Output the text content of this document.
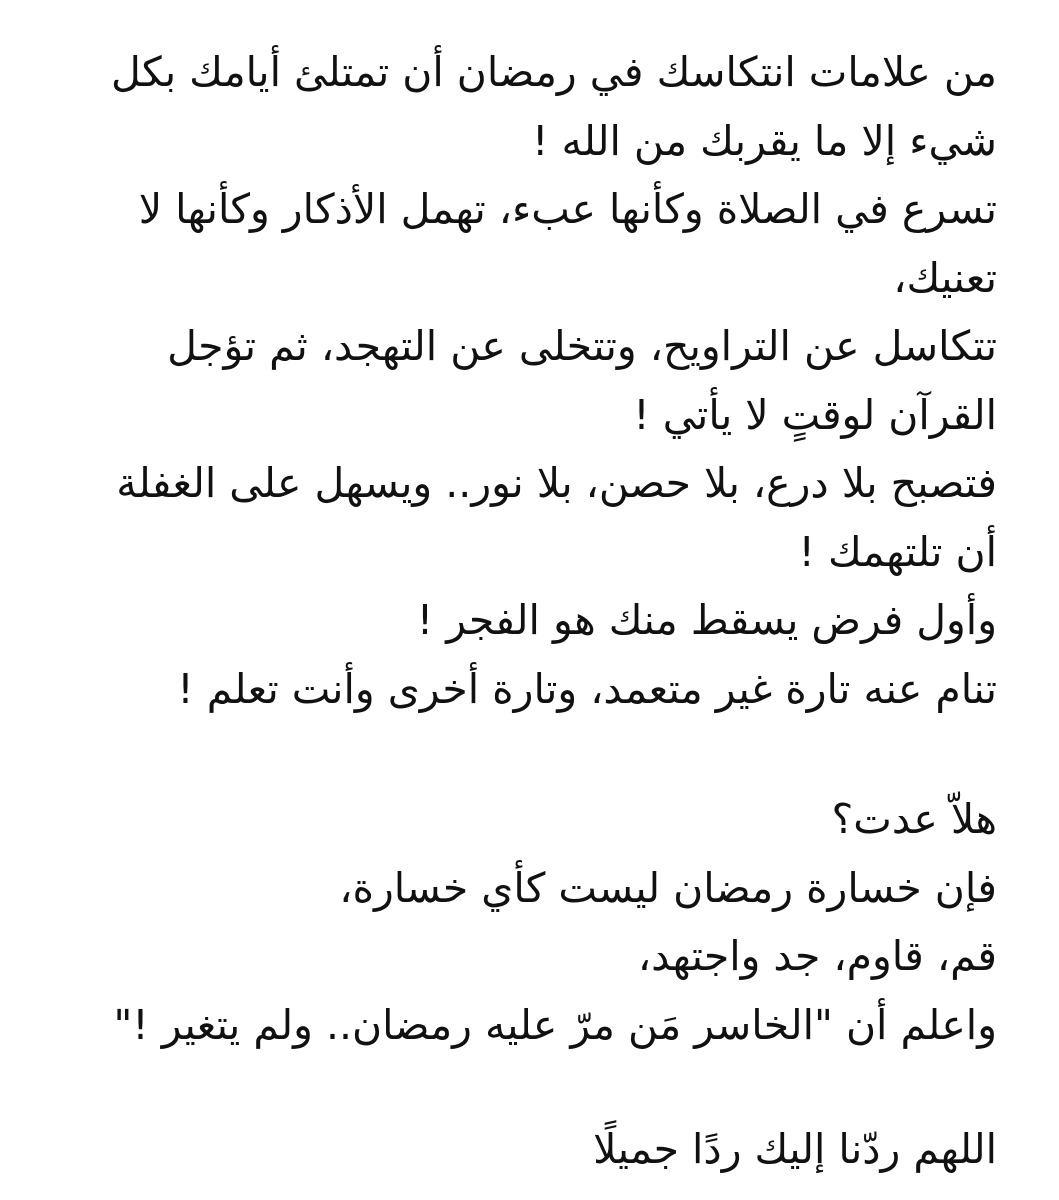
من علامات انتكاسك في رمضان أن تمتلئ أيامك بكل
شيء إلا ما يقربك من الله !
تسرع في الصلاة وكأنها عبء، تهمل الأذكار وكأنها لا
تعنيك،
تتكاسل عن التراويح، وتتخلى عن التهجد، ثم تؤجل
القرآن لوقتٍ لا يأتي !
فتصبح بلا درع، بلا حصن، بلا نور.. ويسهل على الغفلة
أن تلتهمك !
وأول فرض يسقط منك هو الفجر !
تنام عنه تارة غير متعمد، وتارة أخرى وأنت تعلم !
هلاّ عدت؟
فإن خسارة رمضان ليست كأي خسارة،
قم، قاوم، جد واجتهد،
واعلم أن "الخاسر مَن مرّ عليه رمضان.. ولم يتغير !"
اللهم ردّنا إليك ردًا جميلًا
